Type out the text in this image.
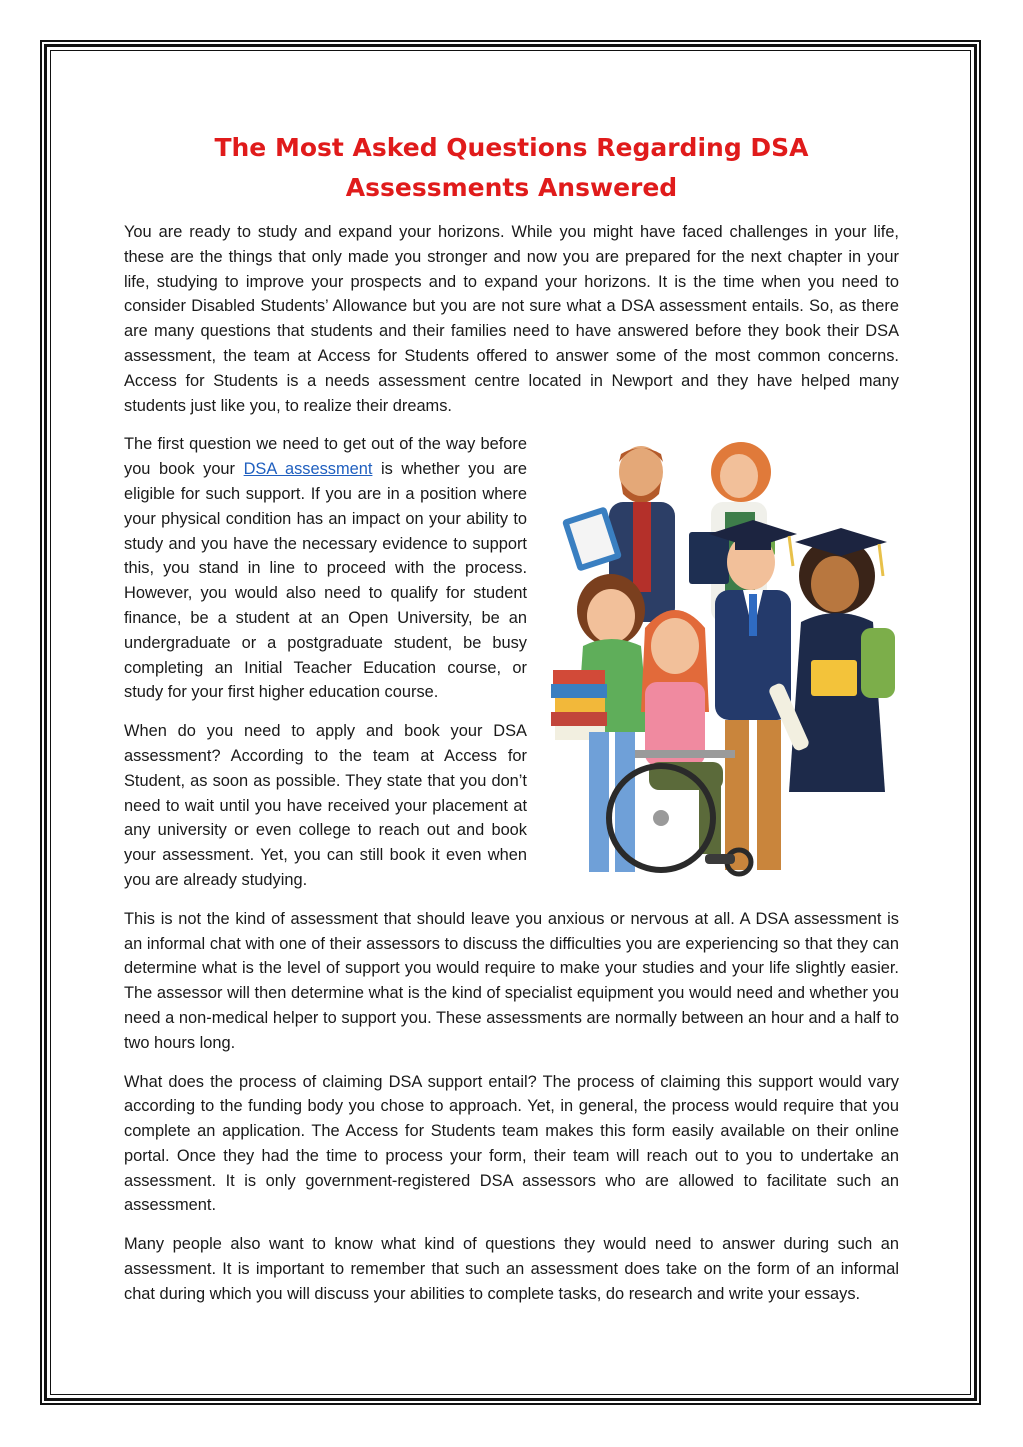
The Most Asked Questions Regarding DSA Assessments Answered

You are ready to study and expand your horizons. While you might have faced challenges in your life, these are the things that only made you stronger and now you are prepared for the next chapter in your life, studying to improve your prospects and to expand your horizons. It is the time when you need to consider Disabled Students’ Allowance but you are not sure what a DSA assessment entails. So, as there are many questions that students and their families need to have answered before they book their DSA assessment, the team at Access for Students offered to answer some of the most common concerns. Access for Students is a needs assessment centre located in Newport and they have helped many students just like you, to realize their dreams.

The first question we need to get out of the way before you book your DSA assessment is whether you are eligible for such support. If you are in a position where your physical condition has an impact on your ability to study and you have the necessary evidence to support this, you stand in line to proceed with the process. However, you would also need to qualify for student finance, be a student at an Open University, be an undergraduate or a postgraduate student, be busy completing an Initial Teacher Education course, or study for your first higher education course.

When do you need to apply and book your DSA assessment? According to the team at Access for Student, as soon as possible. They state that you don’t need to wait until you have received your placement at any university or even college to reach out and book your assessment. Yet, you can still book it even when you are already studying.

This is not the kind of assessment that should leave you anxious or nervous at all. A DSA assessment is an informal chat with one of their assessors to discuss the difficulties you are experiencing so that they can determine what is the level of support you would require to make your studies and your life slightly easier. The assessor will then determine what is the kind of specialist equipment you would need and whether you need a non-medical helper to support you. These assessments are normally between an hour and a half to two hours long.

What does the process of claiming DSA support entail? The process of claiming this support would vary according to the funding body you chose to approach. Yet, in general, the process would require that you complete an application. The Access for Students team makes this form easily available on their online portal. Once they had the time to process your form, their team will reach out to you to undertake an assessment. It is only government-registered DSA assessors who are allowed to facilitate such an assessment.

Many people also want to know what kind of questions they would need to answer during such an assessment. It is important to remember that such an assessment does take on the form of an informal chat during which you will discuss your abilities to complete tasks, do research and write your essays.
